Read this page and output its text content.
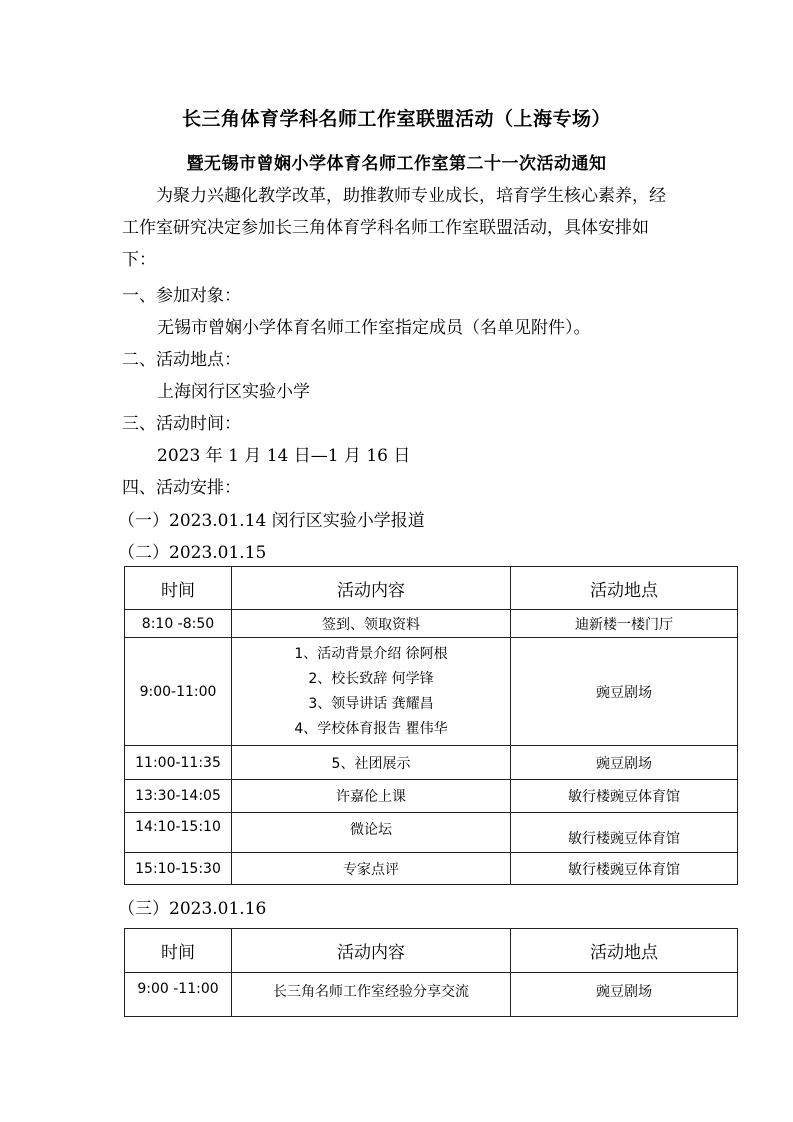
长三角体育学科名师工作室联盟活动（上海专场）
暨无锡市曾娴小学体育名师工作室第二十一次活动通知
为聚力兴趣化教学改革，助推教师专业成长，培育学生核心素养，经工作室研究决定参加长三角体育学科名师工作室联盟活动，具体安排如下：
一、参加对象：
无锡市曾娴小学体育名师工作室指定成员（名单见附件）。
二、活动地点：
上海闵行区实验小学
三、活动时间：
2023 年 1 月 14 日—1 月 16 日
四、活动安排：
（一）2023.01.14 闵行区实验小学报道
（二）2023.01.15
时间	活动内容	活动地点
8:10 -8:50	签到、领取资料	迪新楼一楼门厅
9:00-11:00	1、活动背景介绍 徐阿根
2、校长致辞 何学锋
3、领导讲话 龚耀昌
4、学校体育报告 瞿伟华	豌豆剧场
11:00-11:35	5、社团展示	豌豆剧场
13:30-14:05	许嘉伦上课	敏行楼豌豆体育馆
14:10-15:10	微论坛	敏行楼豌豆体育馆
15:10-15:30	专家点评	敏行楼豌豆体育馆
（三）2023.01.16
时间	活动内容	活动地点
9:00 -11:00	长三角名师工作室经验分享交流	豌豆剧场
